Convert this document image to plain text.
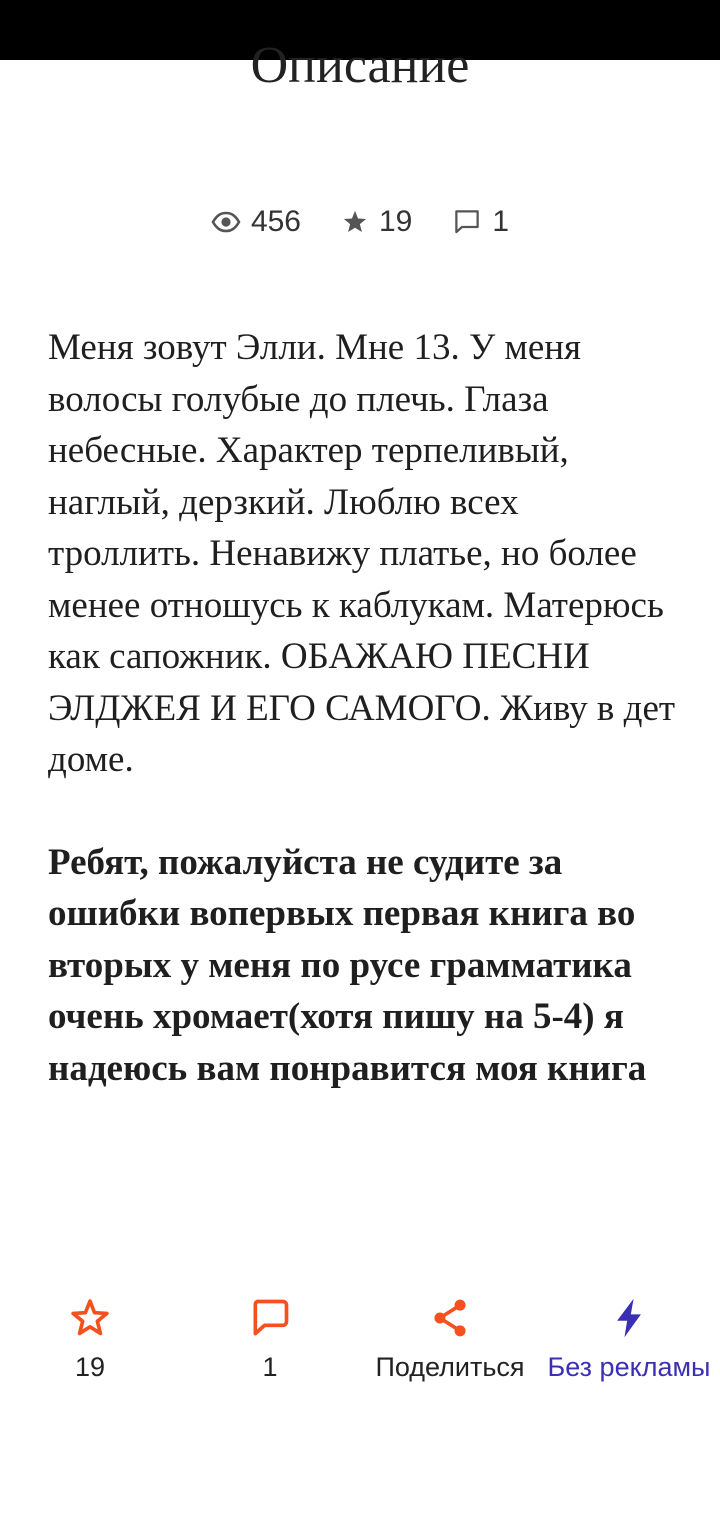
Описание
456	19	1

Меня зовут Элли. Мне 13. У меня волосы голубые до плечь. Глаза небесные. Характер терпеливый, наглый, дерзкий. Люблю всех троллить. Ненавижу платье, но более менее отношусь к каблукам. Матерюсь как сапожник. ОБАЖАЮ ПЕСНИ ЭЛДЖЕЯ И ЕГО САМОГО. Живу в дет доме.

Ребят, пожалуйста не судите за ошибки вопервых первая книга во вторых у меня по русе грамматика очень хромает(хотя пишу на 5-4) я надеюсь вам понравится моя книга

19	1	Поделиться Без рекламы
